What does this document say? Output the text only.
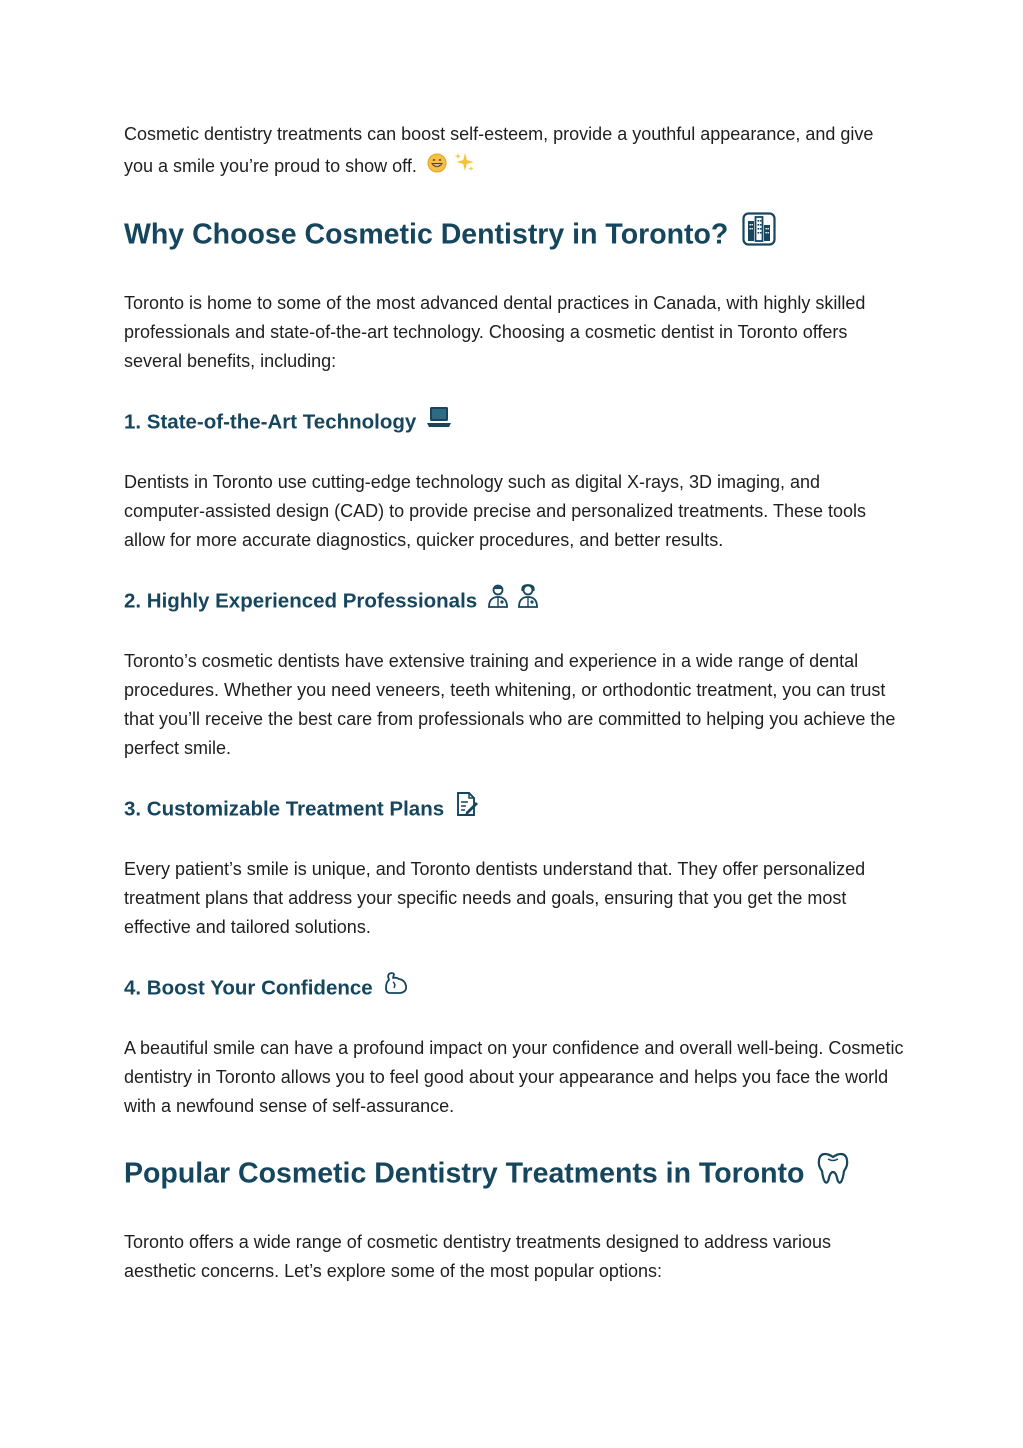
Cosmetic dentistry treatments can boost self-esteem, provide a youthful appearance, and give you a smile you’re proud to show off.

Why Choose Cosmetic Dentistry in Toronto?

Toronto is home to some of the most advanced dental practices in Canada, with highly skilled professionals and state-of-the-art technology. Choosing a cosmetic dentist in Toronto offers several benefits, including:

1. State-of-the-Art Technology

Dentists in Toronto use cutting-edge technology such as digital X-rays, 3D imaging, and computer-assisted design (CAD) to provide precise and personalized treatments. These tools allow for more accurate diagnostics, quicker procedures, and better results.

2. Highly Experienced Professionals

Toronto’s cosmetic dentists have extensive training and experience in a wide range of dental procedures. Whether you need veneers, teeth whitening, or orthodontic treatment, you can trust that you’ll receive the best care from professionals who are committed to helping you achieve the perfect smile.

3. Customizable Treatment Plans

Every patient’s smile is unique, and Toronto dentists understand that. They offer personalized treatment plans that address your specific needs and goals, ensuring that you get the most effective and tailored solutions.

4. Boost Your Confidence

A beautiful smile can have a profound impact on your confidence and overall well-being. Cosmetic dentistry in Toronto allows you to feel good about your appearance and helps you face the world with a newfound sense of self-assurance.

Popular Cosmetic Dentistry Treatments in Toronto

Toronto offers a wide range of cosmetic dentistry treatments designed to address various aesthetic concerns. Let’s explore some of the most popular options:
